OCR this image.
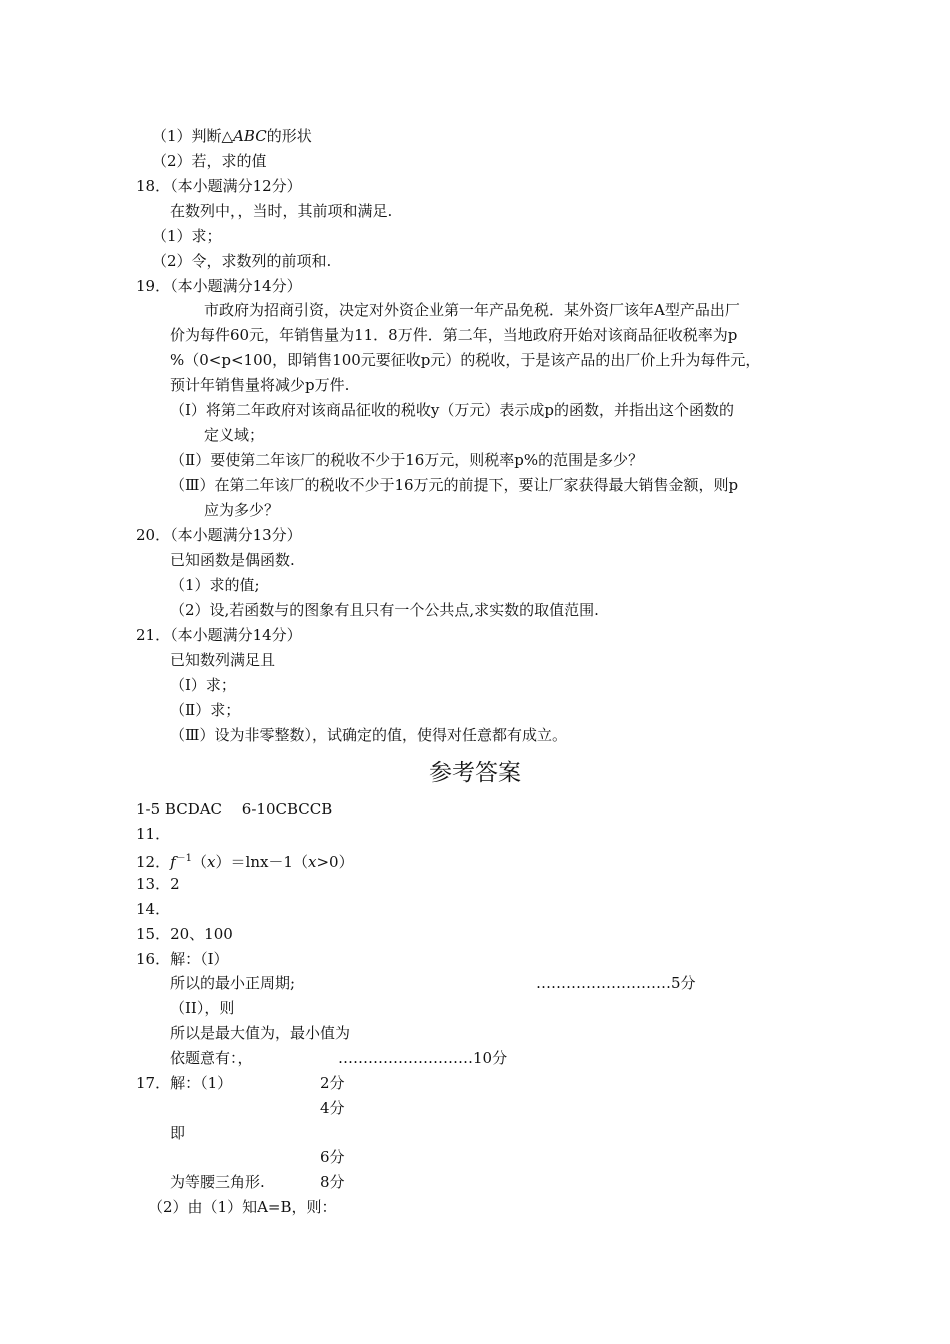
（1）判断△ABC的形状
（2）若，求的值
18．（本小题满分12分）
在数列中，，当时，其前项和满足.
（1）求；
（2）令，求数列的前项和.
19．（本小题满分14分）
市政府为招商引资，决定对外资企业第一年产品免税．某外资厂该年A型产品出厂
价为每件60元，年销售量为11．8万件．第二年，当地政府开始对该商品征收税率为p
%（0<p<100，即销售100元要征收p元）的税收，于是该产品的出厂价上升为每件元，
预计年销售量将减少p万件.
（Ⅰ）将第二年政府对该商品征收的税收y（万元）表示成p的函数，并指出这个函数的
定义域；
（Ⅱ）要使第二年该厂的税收不少于16万元，则税率p%的范围是多少？
（Ⅲ）在第二年该厂的税收不少于16万元的前提下，要让厂家获得最大销售金额，则p
应为多少？
20．（本小题满分13分）
已知函数是偶函数.
（1）求的值;
（2）设,若函数与的图象有且只有一个公共点,求实数的取值范围.
21．（本小题满分14分）
已知数列满足且
（Ⅰ）求；
（Ⅱ）求；
（Ⅲ）设为非零整数），试确定的值，使得对任意都有成立。
参考答案
1-5 BCDAC　 6-10CBCCB
11．
12．$f^{-1}(x)=\ln x-1(x>0)$
13．2
14．
15．20、100
16．解：（I）
所以的最小正周期;	………………………5分
（II），则
所以是最大值为，最小值为
依题意有：，	………………………10分
17．解：（1）	2分
4分
即
6分
为等腰三角形.	8分
（2）由（1）知A=B，则：
